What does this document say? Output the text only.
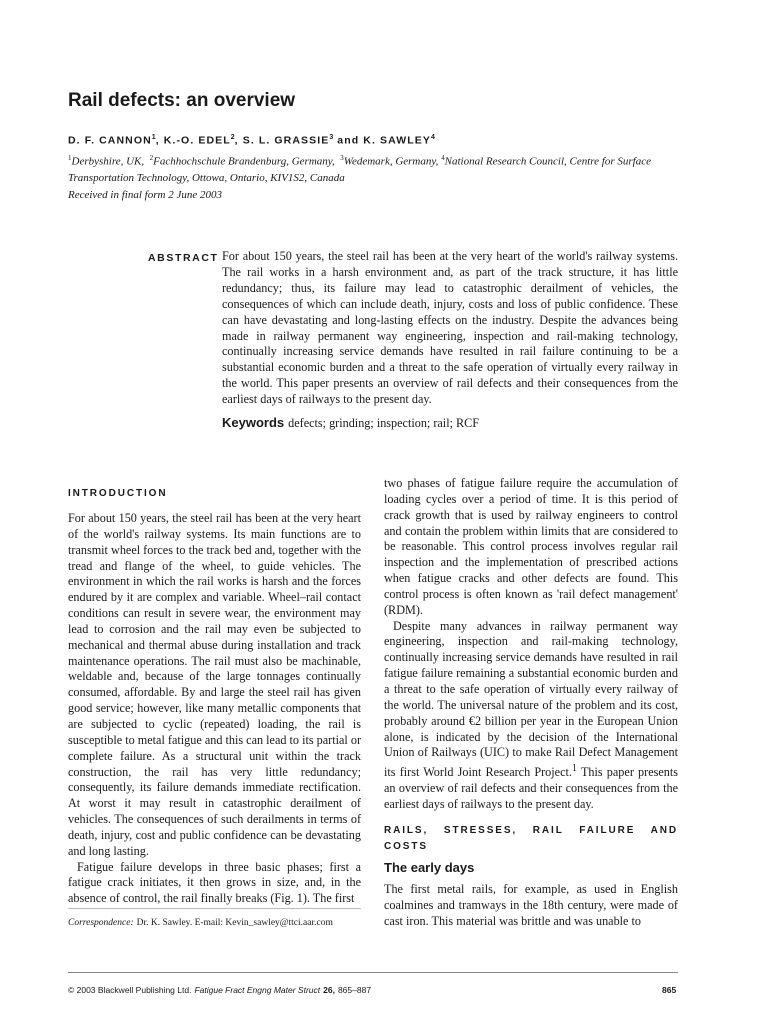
Rail defects: an overview
D. F. CANNON$^1$, K.-O. EDEL$^2$, S. L. GRASSIE$^3$ and K. SAWLEY$^4$
$^1$Derbyshire, UK, $^2$Fachhochschule Brandenburg, Germany, $^3$Wedemark, Germany, $^4$National Research Council, Centre for Surface Transportation Technology, Ottowa, Ontario, KIV1S2, Canada
Received in final form 2 June 2003
ABSTRACT For about 150 years, the steel rail has been at the very heart of the world's railway systems. The rail works in a harsh environment and, as part of the track structure, it has little redundancy; thus, its failure may lead to catastrophic derailment of vehicles, the consequences of which can include death, injury, costs and loss of public confidence. These can have devastating and long-lasting effects on the industry. Despite the advances being made in railway permanent way engineering, inspection and rail-making technology, continually increasing service demands have resulted in rail failure continuing to be a substantial economic burden and a threat to the safe operation of virtually every railway in the world. This paper presents an overview of rail defects and their consequences from the earliest days of railways to the present day.
Keywords defects; grinding; inspection; rail; RCF
INTRODUCTION

For about 150 years, the steel rail has been at the very heart of the world's railway systems. Its main functions are to transmit wheel forces to the track bed and, together with the tread and flange of the wheel, to guide vehicles. The environment in which the rail works is harsh and the forces endured by it are complex and variable. Wheel–rail contact conditions can result in severe wear, the environment may lead to corrosion and the rail may even be subjected to mechanical and thermal abuse during installation and track maintenance operations. The rail must also be machinable, weldable and, because of the large tonnages continually consumed, affordable. By and large the steel rail has given good service; however, like many metallic components that are subjected to cyclic (repeated) loading, the rail is susceptible to metal fatigue and this can lead to its partial or complete failure. As a structural unit within the track construction, the rail has very little redundancy; consequently, its failure demands immediate rectification. At worst it may result in catastrophic derailment of vehicles. The consequences of such derailments in terms of death, injury, cost and public confidence can be devastating and long lasting.

Fatigue failure develops in three basic phases; first a fatigue crack initiates, it then grows in size, and, in the absence of control, the rail finally breaks (Fig. 1). The first

two phases of fatigue failure require the accumulation of loading cycles over a period of time. It is this period of crack growth that is used by railway engineers to control and contain the problem within limits that are considered to be reasonable. This control process involves regular rail inspection and the implementation of prescribed actions when fatigue cracks and other defects are found. This control process is often known as 'rail defect management' (RDM).

Despite many advances in railway permanent way engineering, inspection and rail-making technology, continually increasing service demands have resulted in rail fatigue failure remaining a substantial economic burden and a threat to the safe operation of virtually every railway of the world. The universal nature of the problem and its cost, probably around €2 billion per year in the European Union alone, is indicated by the decision of the International Union of Railways (UIC) to make Rail Defect Management its first World Joint Research Project.$^1$ This paper presents an overview of rail defects and their consequences from the earliest days of railways to the present day.

RAILS, STRESSES, RAIL FAILURE AND COSTS
The early days

The first metal rails, for example, as used in English coalmines and tramways in the 18th century, were made of cast iron. This material was brittle and was unable to

Correspondence: Dr. K. Sawley. E-mail: Kevin_sawley@ttci.aar.com
© 2003 Blackwell Publishing Ltd. Fatigue Fract Engng Mater Struct 26, 865–887	865
